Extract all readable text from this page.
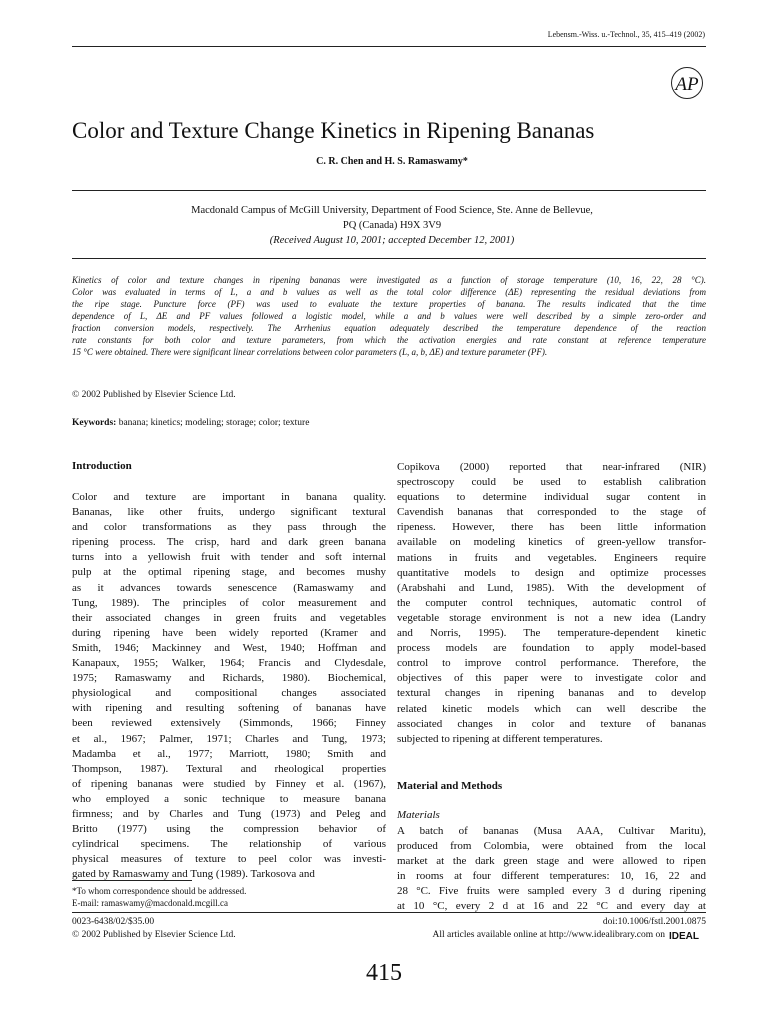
Lebensm.-Wiss. u.-Technol., 35, 415–419 (2002)
AP
Color and Texture Change Kinetics in Ripening Bananas
C. R. Chen and H. S. Ramaswamy*
Macdonald Campus of McGill University, Department of Food Science, Ste. Anne de Bellevue,
PQ (Canada) H9X 3V9
(Received August 10, 2001; accepted December 12, 2001)
Kinetics of color and texture changes in ripening bananas were investigated as a function of storage temperature (10, 16, 22, 28 °C).
Color was evaluated in terms of L, a and b values as well as the total color difference (ΔE) representing the residual deviations from
the ripe stage. Puncture force (PF) was used to evaluate the texture properties of banana. The results indicated that the time
dependence of L, ΔE and PF values followed a logistic model, while a and b values were well described by a simple zero-order and
fraction conversion models, respectively. The Arrhenius equation adequately described the temperature dependence of the reaction
rate constants for both color and texture parameters, from which the activation energies and rate constant at reference temperature
15 °C were obtained. There were significant linear correlations between color parameters (L, a, b, ΔE) and texture parameter (PF).
© 2002 Published by Elsevier Science Ltd.
Keywords: banana; kinetics; modeling; storage; color; texture
Introduction
Color and texture are important in banana quality.
Bananas, like other fruits, undergo significant textural
and color transformations as they pass through the
ripening process. The crisp, hard and dark green banana
turns into a yellowish fruit with tender and soft internal
pulp at the optimal ripening stage, and becomes mushy
as it advances towards senescence (Ramaswamy and
Tung, 1989). The principles of color measurement and
their associated changes in green fruits and vegetables
during ripening have been widely reported (Kramer and
Smith, 1946; Mackinney and West, 1940; Hoffman and
Kanapaux, 1955; Walker, 1964; Francis and Clydesdale,
1975; Ramaswamy and Richards, 1980). Biochemical,
physiological and compositional changes associated
with ripening and resulting softening of bananas have
been reviewed extensively (Simmonds, 1966; Finney
et al., 1967; Palmer, 1971; Charles and Tung, 1973;
Madamba et al., 1977; Marriott, 1980; Smith and
Thompson, 1987). Textural and rheological properties
of ripening bananas were studied by Finney et al. (1967),
who employed a sonic technique to measure banana
firmness; and by Charles and Tung (1973) and Peleg and
Britto (1977) using the compression behavior of
cylindrical specimens. The relationship of various
physical measures of texture to peel color was investi-
gated by Ramaswamy and Tung (1989). Tarkosova and
Copikova (2000) reported that near-infrared (NIR)
spectroscopy could be used to establish calibration
equations to determine individual sugar content in
Cavendish bananas that corresponded to the stage of
ripeness. However, there has been little information
available on modeling kinetics of green-yellow transfor-
mations in fruits and vegetables. Engineers require
quantitative models to design and optimize processes
(Arabshahi and Lund, 1985). With the development of
the computer control techniques, automatic control of
vegetable storage environment is not a new idea (Landry
and Norris, 1995). The temperature-dependent kinetic
process models are foundation to apply model-based
control to improve control performance. Therefore, the
objectives of this paper were to investigate color and
textural changes in ripening bananas and to develop
related kinetic models which can well describe the
associated changes in color and texture of bananas
subjected to ripening at different temperatures.
Material and Methods
Materials
A batch of bananas (Musa AAA, Cultivar Maritu),
produced from Colombia, were obtained from the local
market at the dark green stage and were allowed to ripen
in rooms at four different temperatures: 10, 16, 22 and
28 °C. Five fruits were sampled every 3 d during ripening
at 10 °C, every 2 d at 16 and 22 °C and every day at
*To whom correspondence should be addressed.
E-mail: ramaswamy@macdonald.mcgill.ca
0023-6438/02/$35.00
© 2002 Published by Elsevier Science Ltd.
doi:10.1006/fstl.2001.0875
All articles available online at http://www.idealibrary.com on IDEAL
415
